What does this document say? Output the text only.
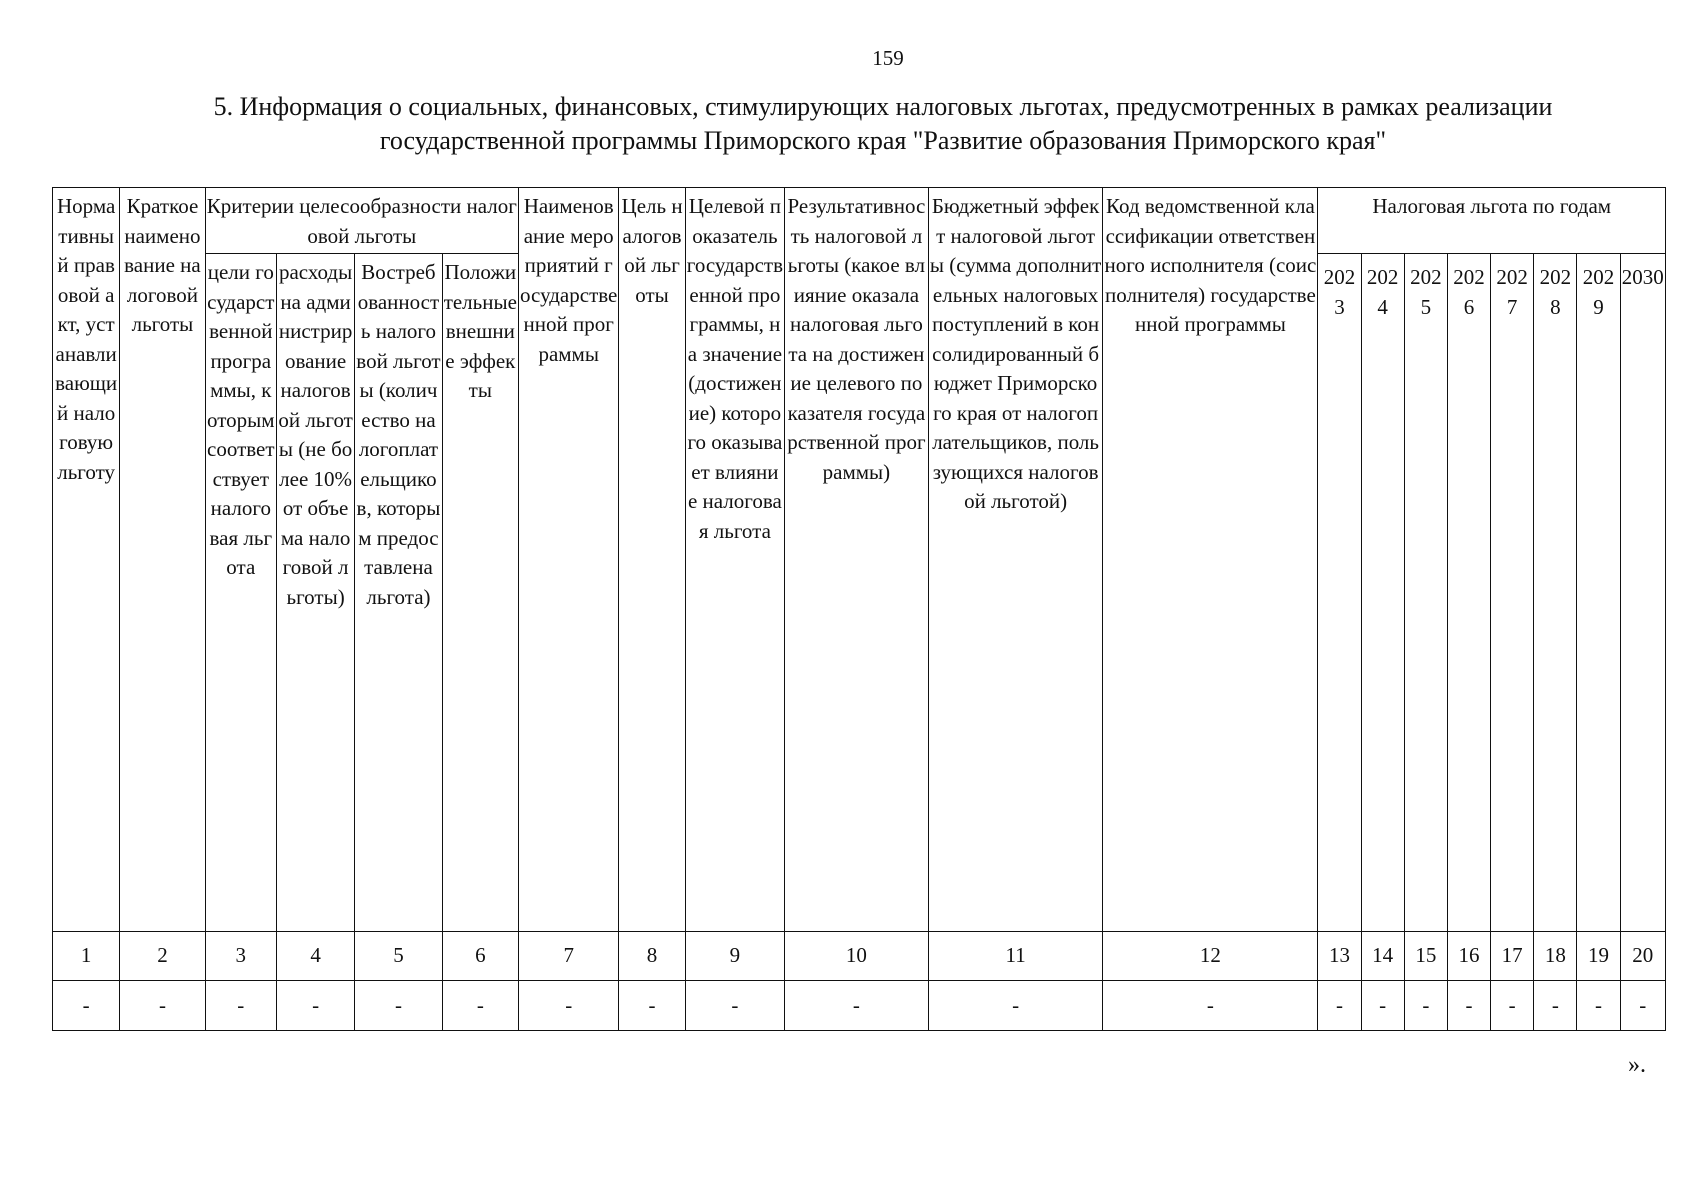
159
5. Информация о социальных, финансовых, стимулирующих налоговых льготах, предусмотренных в рамках реализации государственной программы Приморского края "Развитие образования Приморского края"
Нормативный правовой акт, устанавливающий налоговую льготу	Краткое наименование налоговой льготы	Критерии целесообразности налоговой льготы				Наименование мероприятий государственной программы	Цель налоговой льготы	Целевой показатель государственной программы, на значение (достижение) которого оказывает влияние налоговая льгота	Результативность налоговой льготы (какое влияние оказала налоговая льгота на достижение целевого показателя государственной программы)	Бюджетный эффект налоговой льготы (сумма дополнительных налоговых поступлений в консолидированный бюджет Приморского края от налогоплательщиков, пользующихся налоговой льготой)	Код ведомственной классификации ответственного исполнителя (соисполнителя) государственной программы	Налоговая льгота по годам							
		цели государственной программы, которым соответствует налоговая льгота	расходы на администрирование налоговой льготы (не более 10% от объема налоговой льготы)	Востребованность налоговой льготы (количество налогоплательщиков, которым предоставлена льгота)	Положительные внешние эффекты							2023	2024	2025	2026	2027	2028	2029	2030
1	2	3	4	5	6	7	8	9	10	11	12	13	14	15	16	17	18	19	20
-	-	-	-	-	-	-	-	-	-	-	-	-	-	-	-	-	-	-	-
».
